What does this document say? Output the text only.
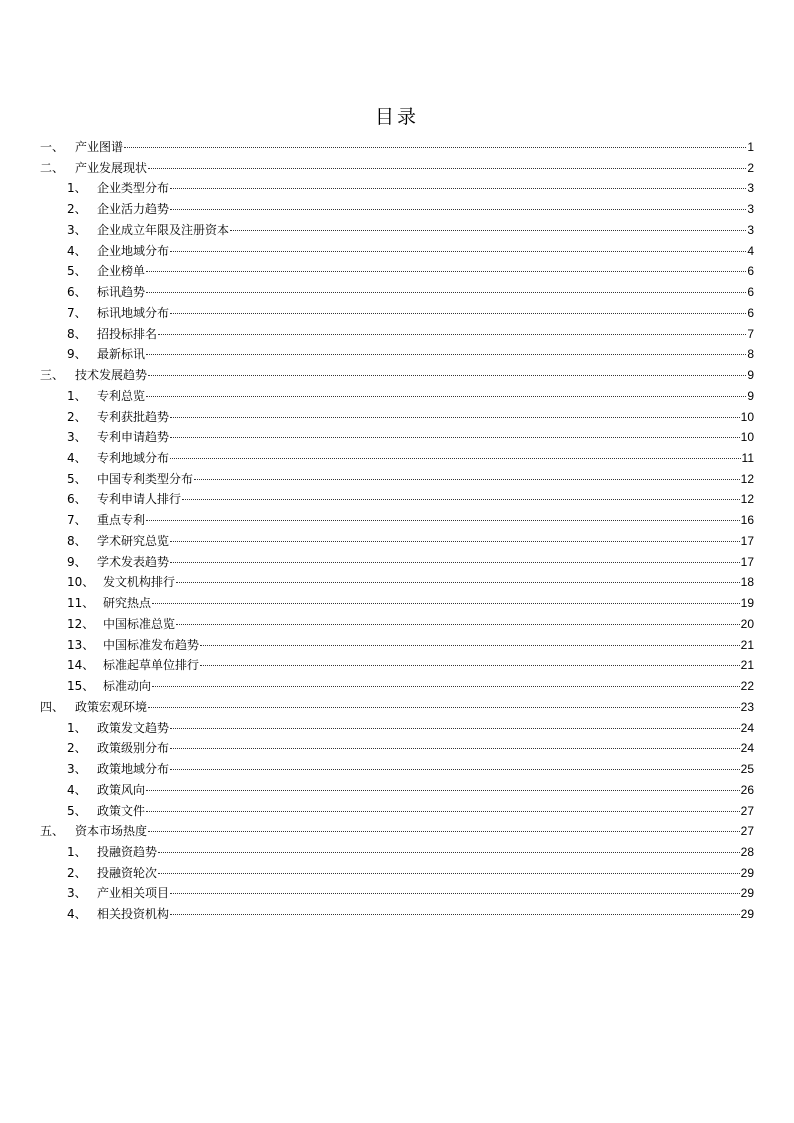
目录
一、 产业图谱	1
二、 产业发展现状	2
1、 企业类型分布	3
2、 企业活力趋势	3
3、 企业成立年限及注册资本	3
4、 企业地域分布	4
5、 企业榜单	6
6、 标讯趋势	6
7、 标讯地域分布	6
8、 招投标排名	7
9、 最新标讯	8
三、 技术发展趋势	9
1、 专利总览	9
2、 专利获批趋势	10
3、 专利申请趋势	10
4、 专利地域分布	11
5、 中国专利类型分布	12
6、 专利申请人排行	12
7、 重点专利	16
8、 学术研究总览	17
9、 学术发表趋势	17
10、 发文机构排行	18
11、 研究热点	19
12、 中国标准总览	20
13、 中国标准发布趋势	21
14、 标准起草单位排行	21
15、 标准动向	22
四、 政策宏观环境	23
1、 政策发文趋势	24
2、 政策级别分布	24
3、 政策地域分布	25
4、 政策风向	26
5、 政策文件	27
五、 资本市场热度	27
1、 投融资趋势	28
2、 投融资轮次	29
3、 产业相关项目	29
4、 相关投资机构	29
